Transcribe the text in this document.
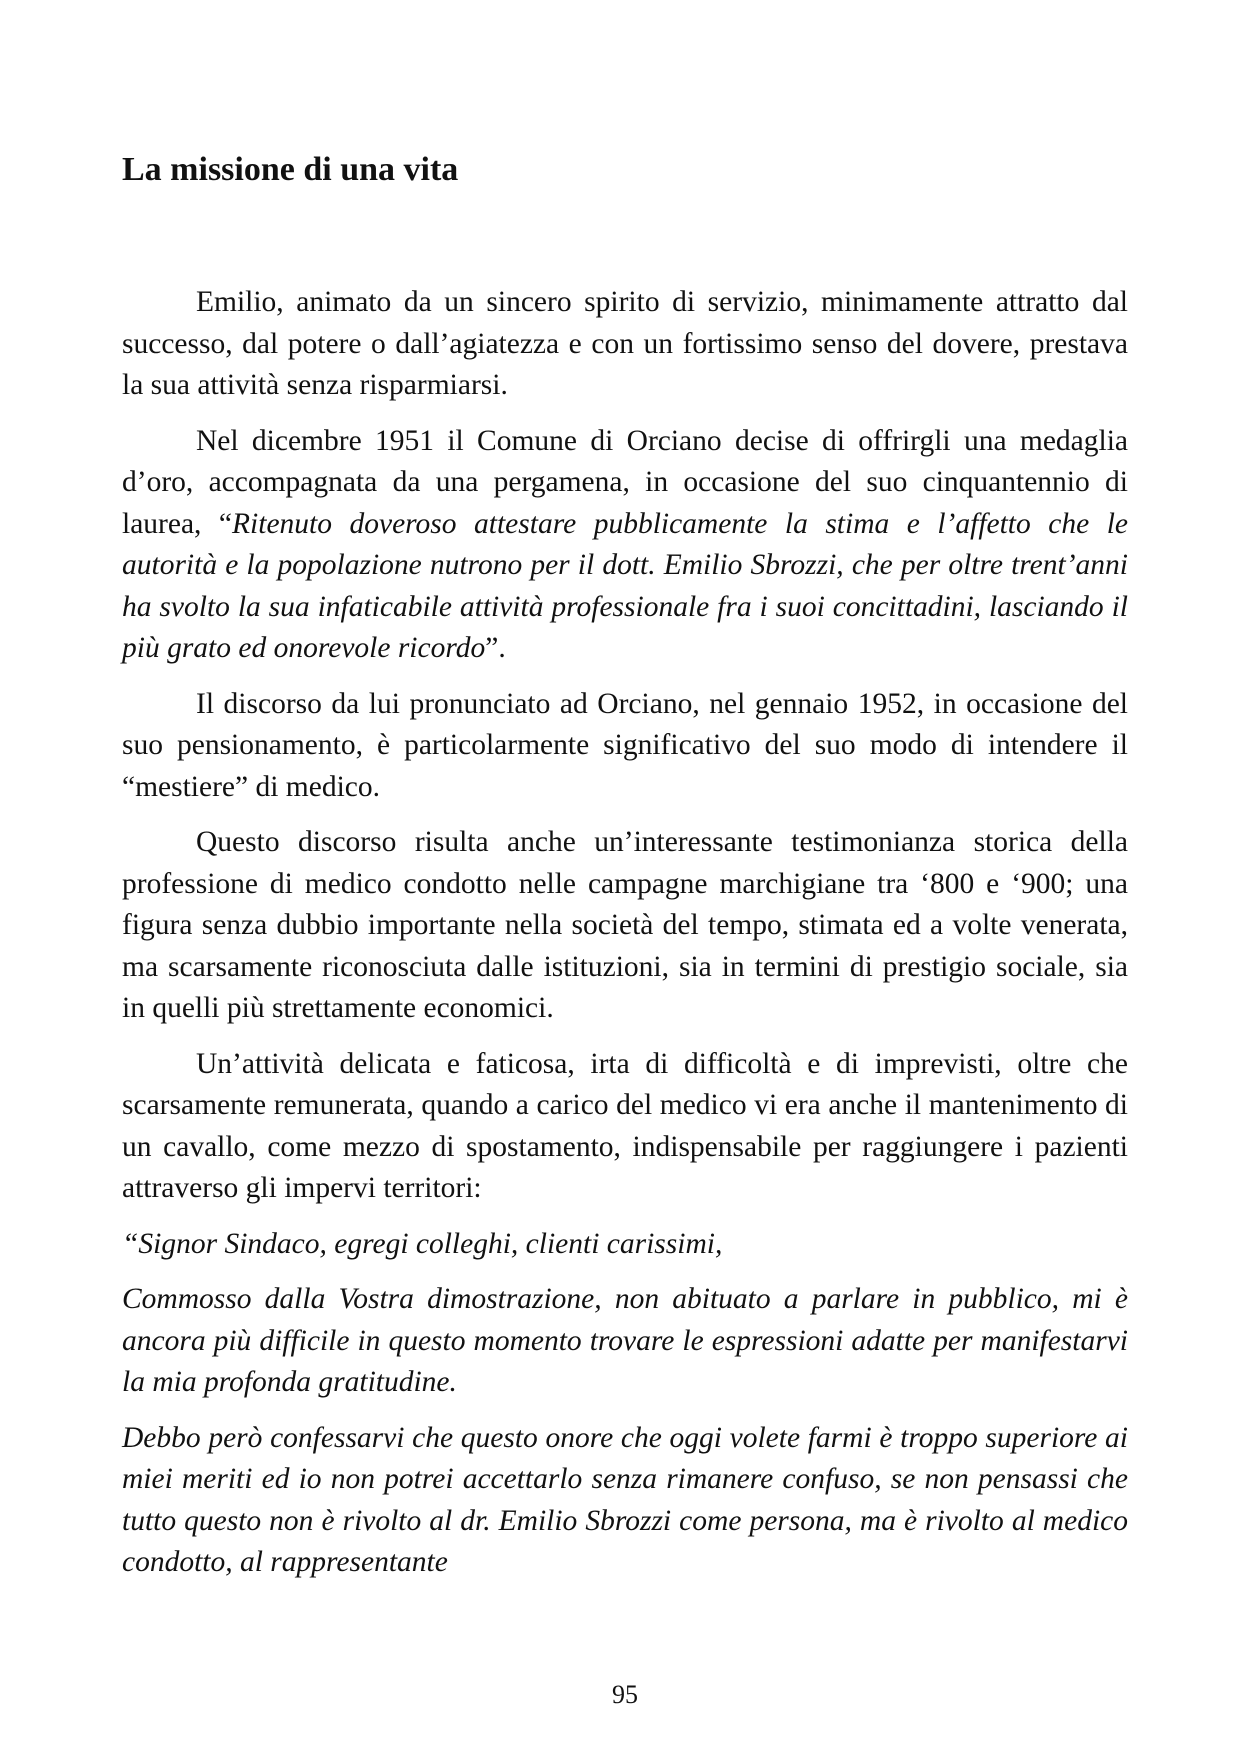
La missione di una vita

Emilio, animato da un sincero spirito di servizio, minimamente attratto dal successo, dal potere o dall’agiatezza e con un fortissimo senso del dovere, prestava la sua attività senza risparmiarsi.

Nel dicembre 1951 il Comune di Orciano decise di offrirgli una medaglia d’oro, accompagnata da una pergamena, in occasione del suo cinquantennio di laurea, “Ritenuto doveroso attestare pubblicamente la stima e l’affetto che le autorità e la popolazione nutrono per il dott. Emilio Sbrozzi, che per oltre trent’anni ha svolto la sua infaticabile attività professionale fra i suoi concittadini, lasciando il più grato ed onorevole ricordo”.

Il discorso da lui pronunciato ad Orciano, nel gennaio 1952, in occasione del suo pensionamento, è particolarmente significativo del suo modo di intendere il “mestiere” di medico.

Questo discorso risulta anche un’interessante testimonianza storica della professione di medico condotto nelle campagne marchigiane tra ‘800 e ‘900; una figura senza dubbio importante nella società del tempo, stimata ed a volte venerata, ma scarsamente riconosciuta dalle istituzioni, sia in termini di prestigio sociale, sia in quelli più strettamente economici.

Un’attività delicata e faticosa, irta di difficoltà e di imprevisti, oltre che scarsamente remunerata, quando a carico del medico vi era anche il mantenimento di un cavallo, come mezzo di spostamento, indispensabile per raggiungere i pazienti attraverso gli impervi territori:

“Signor Sindaco, egregi colleghi, clienti carissimi,

Commosso dalla Vostra dimostrazione, non abituato a parlare in pubblico, mi è ancora più difficile in questo momento trovare le espressioni adatte per manifestarvi la mia profonda gratitudine.

Debbo però confessarvi che questo onore che oggi volete farmi è troppo superiore ai miei meriti ed io non potrei accettarlo senza rimanere confuso, se non pensassi che tutto questo non è rivolto al dr. Emilio Sbrozzi come persona, ma è rivolto al medico condotto, al rappresentante

95
